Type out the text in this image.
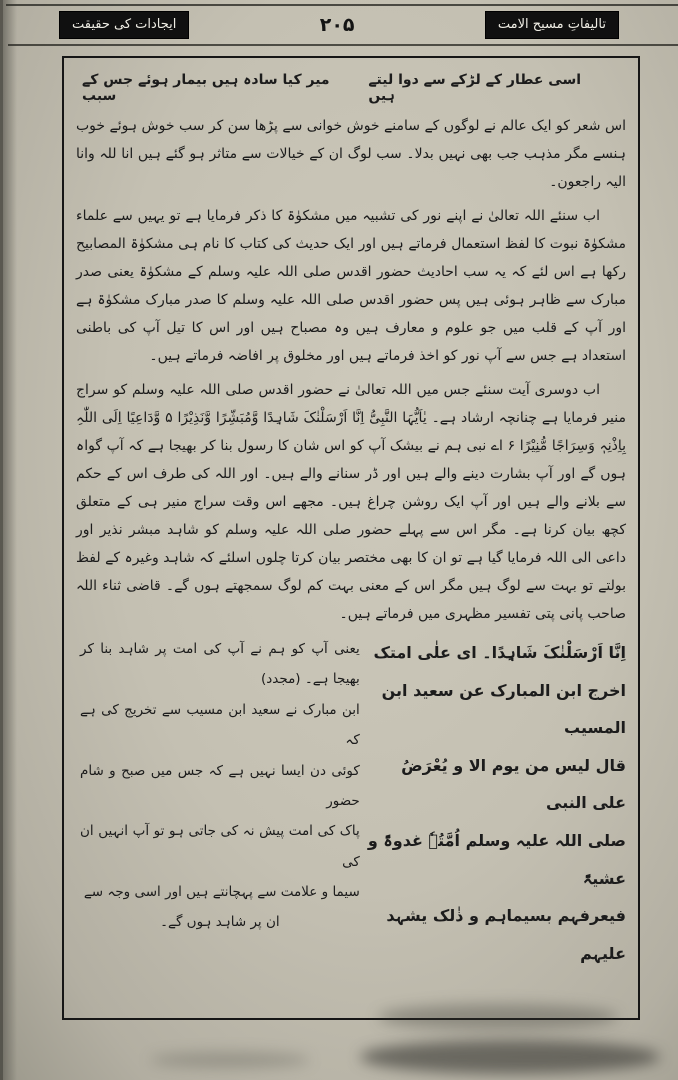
ایجادات کی حقیقت	۲۰۵	تالیفاتِ مسیح الامت
میر کیا سادہ ہیں بیمار ہوئے جس کے سبب
اسی عطار کے لڑکے سے دوا لیتے ہیں

اس شعر کو ایک عالم نے لوگوں کے سامنے خوش خوانی سے پڑھا سن کر سب خوش ہوئے خوب ہنسے مگر مذہب جب بھی نہیں بدلا۔ سب لوگ ان کے خیالات سے متاثر ہو گئے ہیں انا للہ وانا الیہ راجعون۔

اب سنئے اللہ تعالیٰ نے اپنے نور کی تشبیہ میں مشکوٰۃ کا ذکر فرمایا ہے تو یہیں سے علماء مشکوٰۃ نبوت کا لفظ استعمال فرماتے ہیں اور ایک حدیث کی کتاب کا نام ہی مشکوٰۃ المصابیح رکھا ہے اس لئے کہ یہ سب احادیث حضور اقدس صلی اللہ علیہ وسلم کے مشکوٰۃ یعنی صدر مبارک سے ظاہر ہوئی ہیں پس حضور اقدس صلی اللہ علیہ وسلم کا صدر مبارک مشکوٰۃ ہے اور آپ کے قلب میں جو علوم و معارف ہیں وہ مصباح ہیں اور اس کا تیل آپ کی باطنی استعداد ہے جس سے آپ نور کو اخذ فرماتے ہیں اور مخلوق پر افاضہ فرماتے ہیں۔

اب دوسری آیت سنئے جس میں اللہ تعالیٰ نے حضور اقدس صلی اللہ علیہ وسلم کو سراج منیر فرمایا ہے چنانچہ ارشاد ہے۔ یٰاَیُّہَا النَّبِیُّ اِنَّا اَرْسَلْنٰکَ شَاہِدًا وَّمُبَشِّرًا وَّنَذِیْرًا ۵ وَّدَاعِیًا اِلَی اللّٰہِ بِاِذْنِہٖ وَسِرَاجًا مُّنِیْرًا ۶ اے نبی ہم نے بیشک آپ کو اس شان کا رسول بنا کر بھیجا ہے کہ آپ گواہ ہوں گے اور آپ بشارت دینے والے ہیں اور ڈر سنانے والے ہیں۔ اور اللہ کی طرف اس کے حکم سے بلانے والے ہیں اور آپ ایک روشن چراغ ہیں۔ مجھے اس وقت سراج منیر ہی کے متعلق کچھ بیان کرنا ہے۔ مگر اس سے پہلے حضور صلی اللہ علیہ وسلم کو شاہد مبشر نذیر اور داعی الی اللہ فرمایا گیا ہے تو ان کا بھی مختصر بیان کرتا چلوں اسلئے کہ شاہد وغیرہ کے لفظ بولتے تو بہت سے لوگ ہیں مگر اس کے معنی بہت کم لوگ سمجھتے ہوں گے۔ قاضی ثناء اللہ صاحب پانی پتی تفسیر مظہری میں فرماتے ہیں۔

اِنَّا اَرْسَلْنٰکَ شَاہِدًا۔ ای علٰی امتک
اخرج ابن المبارک عن سعید ابن المسیب
قال لیس من یوم الا و یُعْرَضُ علی النبی
صلی اللہ علیہ وسلم اُمَّتُہٗ غدوۃً و عشیۃً
فیعرفہم بسیماہم و ذٰلک یشہد علیہم
یعنی آپ کو ہم نے آپ کی امت پر شاہد بنا کر بھیجا ہے۔ (مجدد)
ابن مبارک نے سعید ابن مسیب سے تخریج کی ہے کہ
کوئی دن ایسا نہیں ہے کہ جس میں صبح و شام حضور
پاک کی امت پیش نہ کی جاتی ہو تو آپ انہیں ان کی
سیما و علامت سے پہچانتے ہیں اور اسی وجہ سے
ان پر شاہد ہوں گے۔
